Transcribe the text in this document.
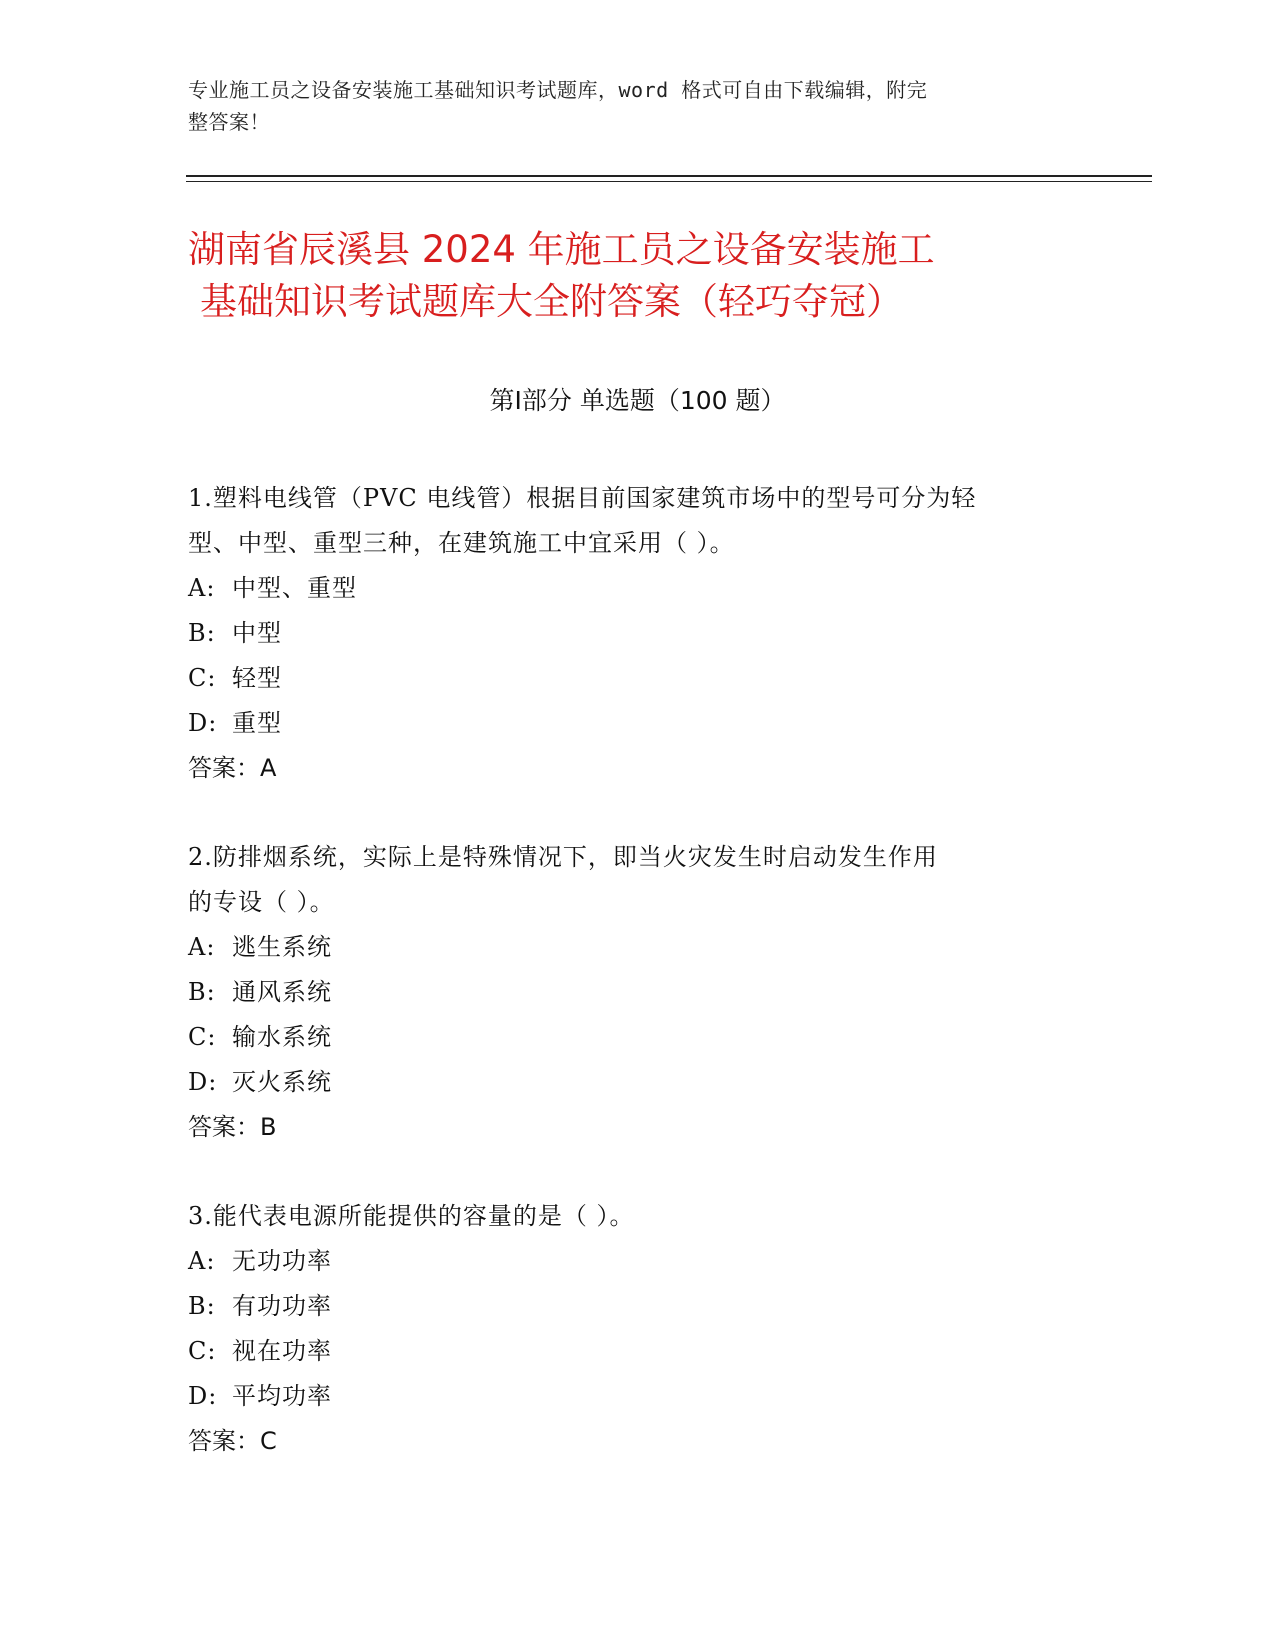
专业施工员之设备安装施工基础知识考试题库，word 格式可自由下载编辑，附完
整答案！
湖南省辰溪县 2024 年施工员之设备安装施工
基础知识考试题库大全附答案（轻巧夺冠）
第Ⅰ部分 单选题（100 题）
1.塑料电线管（PVC 电线管）根据目前国家建筑市场中的型号可分为轻
型、中型、重型三种，在建筑施工中宜采用（ ）。
A: 中型、重型
B: 中型
C: 轻型
D: 重型
答案：A
2.防排烟系统，实际上是特殊情况下，即当火灾发生时启动发生作用
的专设（ ）。
A: 逃生系统
B: 通风系统
C: 输水系统
D: 灭火系统
答案：B
3.能代表电源所能提供的容量的是（ ）。
A: 无功功率
B: 有功功率
C: 视在功率
D: 平均功率
答案：C
